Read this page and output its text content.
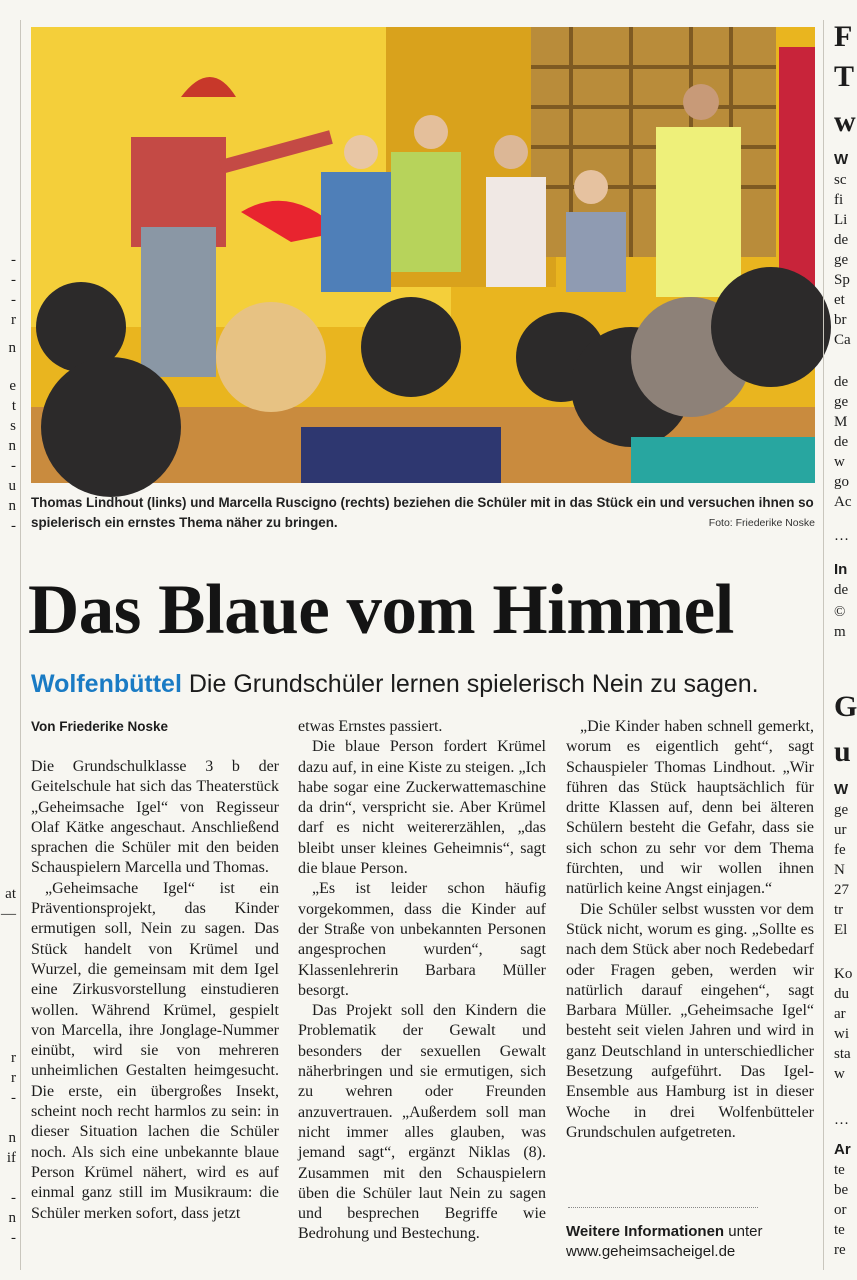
-
-
-
r
n
e
t
s
n
-
u
n
-
at
—
r
r
-
n
if
-
n
-
Thomas Lindhout (links) und Marcella Ruscigno (rechts) beziehen die Schüler mit in das Stück ein und versuchen ihnen so spielerisch ein ernstes Thema näher zu bringen.	Foto: Friederike Noske
Das Blaue vom Himmel
Wolfenbüttel Die Grundschüler lernen spielerisch Nein zu sagen.
Von Friederike Noske

Die Grundschulklasse 3 b der Geitelschule hat sich das Theaterstück „Geheimsache Igel“ von Regisseur Olaf Kätke angeschaut. Anschließend sprachen die Schüler mit den beiden Schauspielern Marcella und Thomas.

„Geheimsache Igel“ ist ein Präventionsprojekt, das Kinder ermutigen soll, Nein zu sagen. Das Stück handelt von Krümel und Wurzel, die gemeinsam mit dem Igel eine Zirkusvorstellung einstudieren wollen. Während Krümel, gespielt von Marcella, ihre Jonglage-Nummer einübt, wird sie von mehreren unheimlichen Gestalten heimgesucht. Die erste, ein übergroßes Insekt, scheint noch recht harmlos zu sein: in dieser Situation lachen die Schüler noch. Als sich eine unbekannte blaue Person Krümel nähert, wird es auf einmal ganz still im Musikraum: die Schüler merken sofort, dass jetzt

etwas Ernstes passiert.

Die blaue Person fordert Krümel dazu auf, in eine Kiste zu steigen. „Ich habe sogar eine Zuckerwattemaschine da drin“, verspricht sie. Aber Krümel darf es nicht weitererzählen, „das bleibt unser kleines Geheimnis“, sagt die blaue Person.

„Es ist leider schon häufig vorgekommen, dass die Kinder auf der Straße von unbekannten Personen angesprochen wurden“, sagt Klassenlehrerin Barbara Müller besorgt.

Das Projekt soll den Kindern die Problematik der Gewalt und besonders der sexuellen Gewalt näherbringen und sie ermutigen, sich zu wehren oder Freunden anzuvertrauen. „Außerdem soll man nicht immer alles glauben, was jemand sagt“, ergänzt Niklas (8). Zusammen mit den Schauspielern üben die Schüler laut Nein zu sagen und besprechen Begriffe wie Bedrohung und Bestechung.

„Die Kinder haben schnell gemerkt, worum es eigentlich geht“, sagt Schauspieler Thomas Lindhout. „Wir führen das Stück hauptsächlich für dritte Klassen auf, denn bei älteren Schülern besteht die Gefahr, dass sie sich schon zu sehr vor dem Thema fürchten, und wir wollen ihnen natürlich keine Angst einjagen.“

Die Schüler selbst wussten vor dem Stück nicht, worum es ging. „Sollte es nach dem Stück aber noch Redebedarf oder Fragen geben, werden wir natürlich darauf eingehen“, sagt Barbara Müller. „Geheimsache Igel“ besteht seit vielen Jahren und wird in ganz Deutschland in unterschiedlicher Besetzung aufgeführt. Das Igel-Ensemble aus Hamburg ist in dieser Woche in drei Wolfenbütteler Grundschulen aufgetreten.

Weitere Informationen unter
www.geheimsacheigel.de
F
T
w
G
u
W
sc
fi
Li
de
ge
Sp
et
br
Ca
de
ge
M
de
w
go
Ac
…
In
de
©
m
W
ge
ur
fe
N
27
tr
El
Ko
du
ar
wi
sta
w
…
Ar
te
be
or
te
re
